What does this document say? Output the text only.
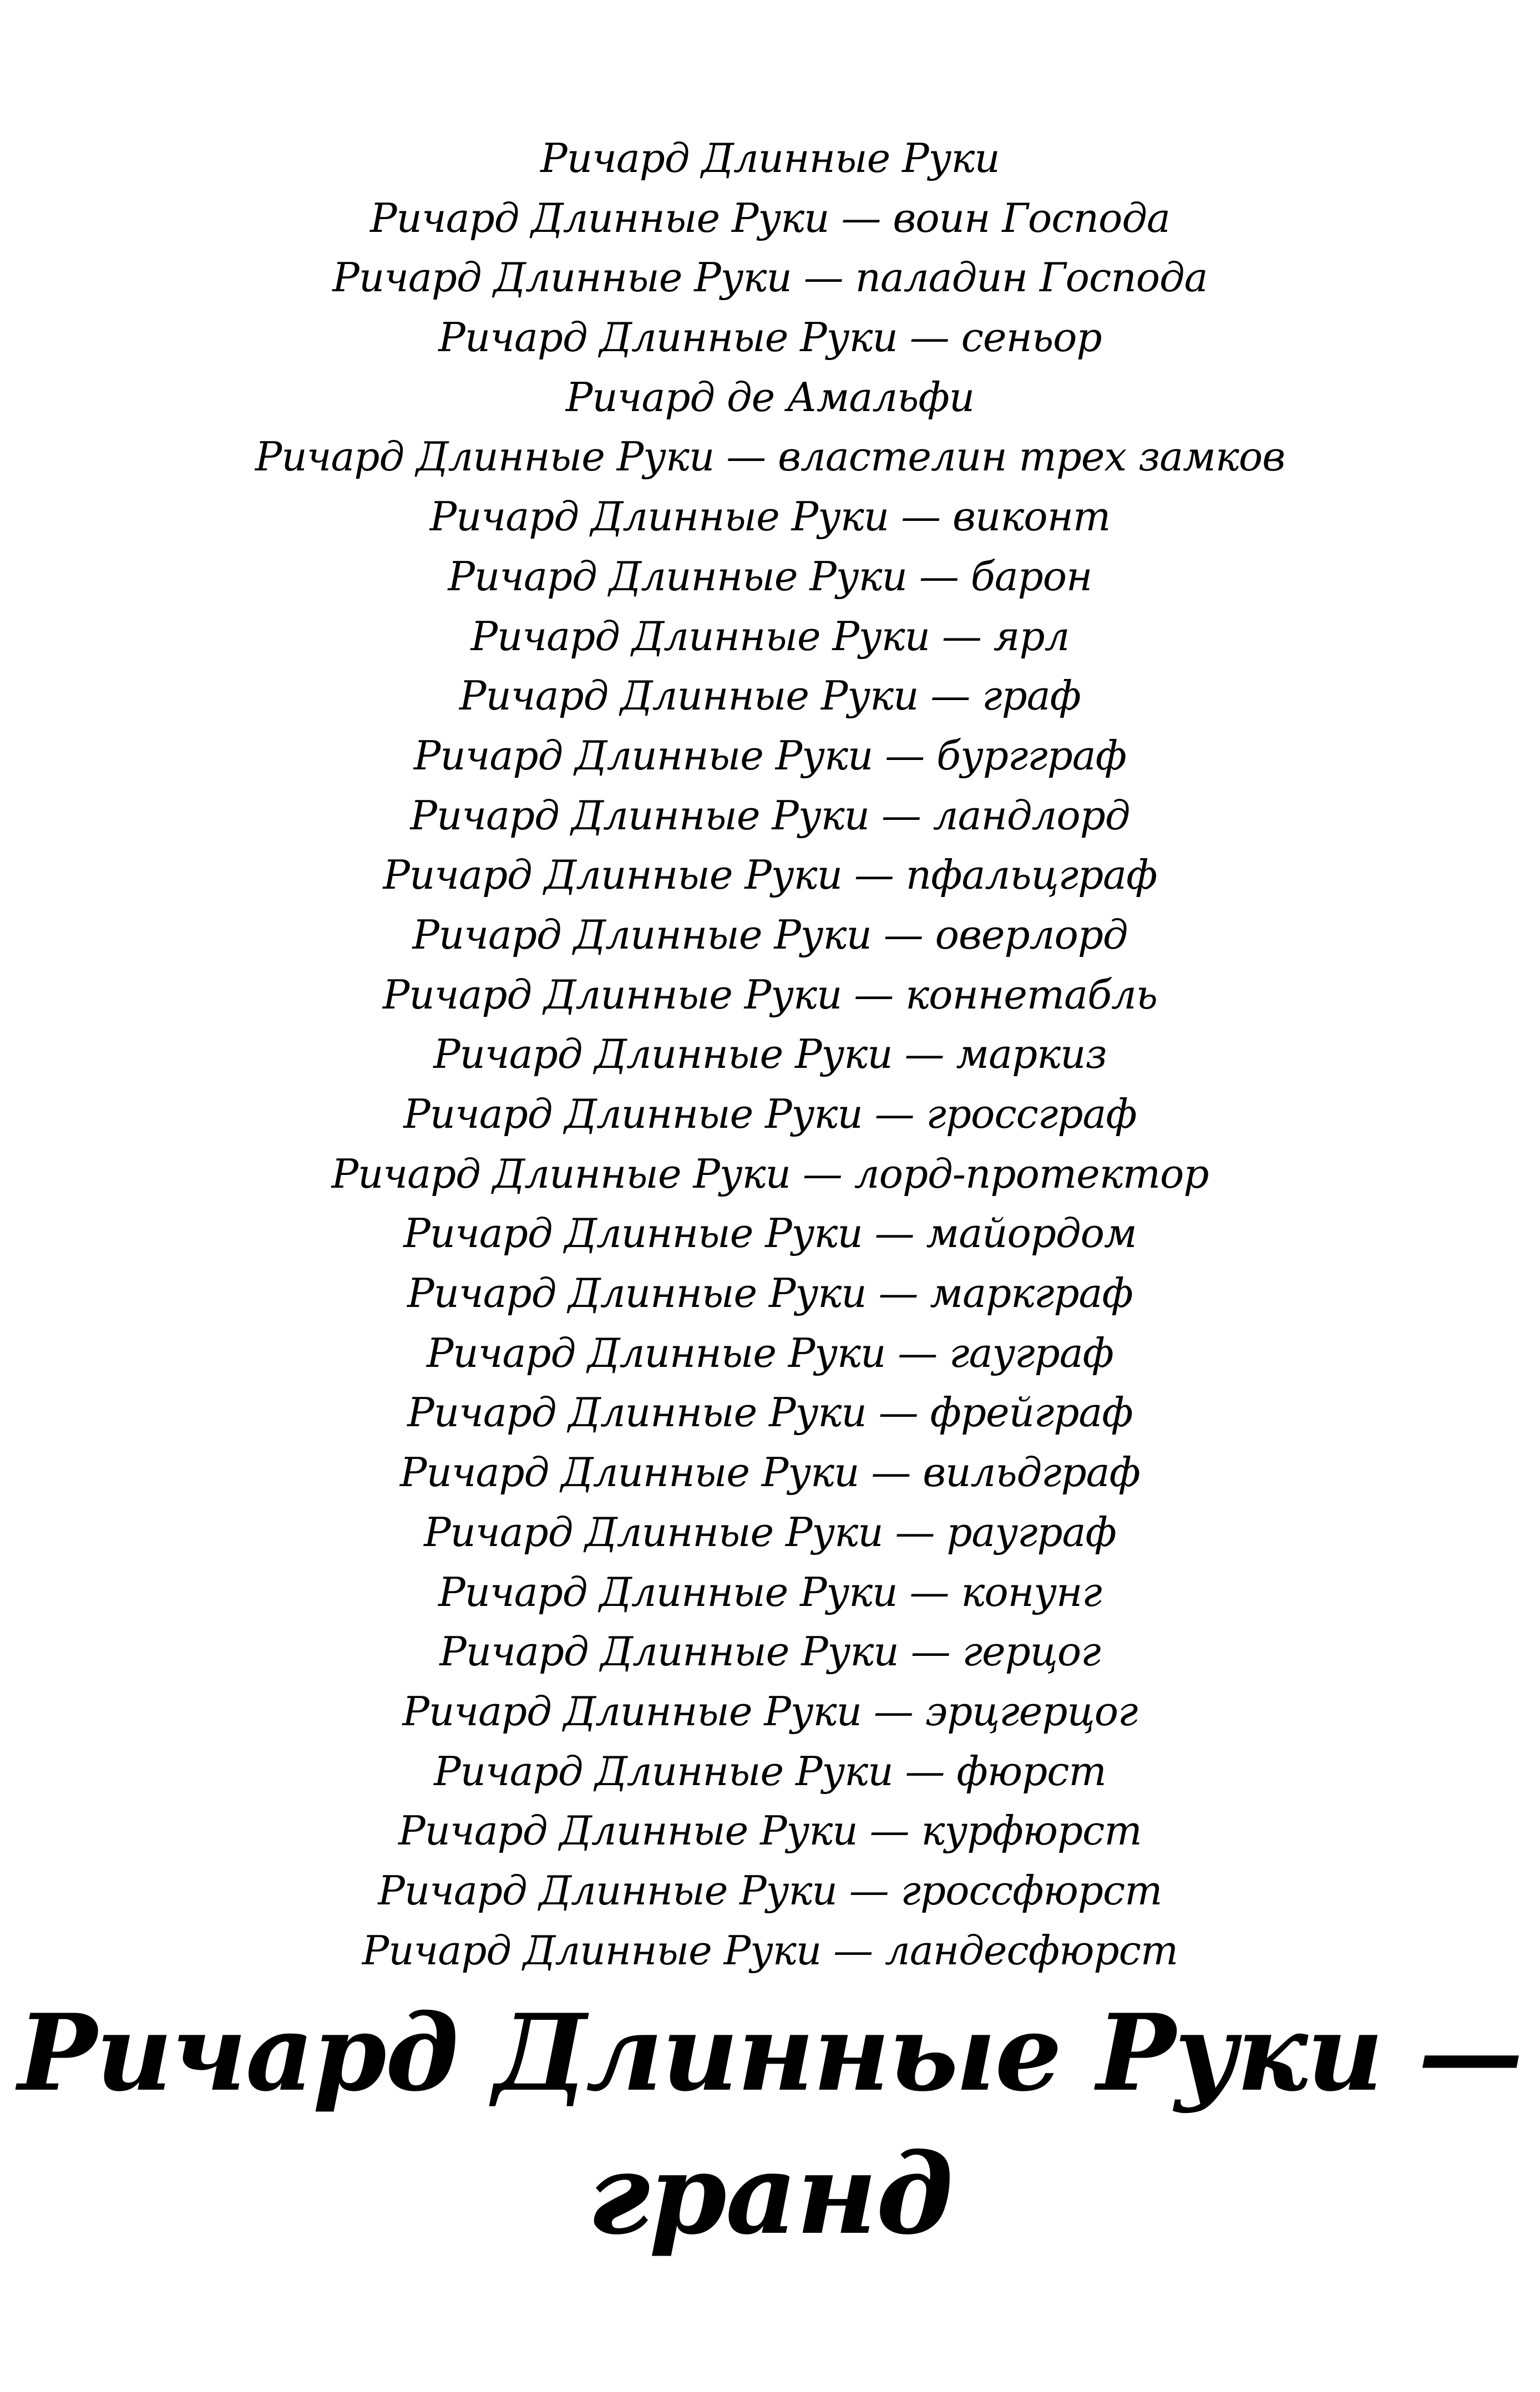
Ричард Длинные Руки
Ричард Длинные Руки — воин Господа
Ричард Длинные Руки — паладин Господа
Ричард Длинные Руки — сеньор
Ричард де Амальфи
Ричард Длинные Руки — властелин трех замков
Ричард Длинные Руки — виконт
Ричард Длинные Руки — барон
Ричард Длинные Руки — ярл
Ричард Длинные Руки — граф
Ричард Длинные Руки — бургграф
Ричард Длинные Руки — ландлорд
Ричард Длинные Руки — пфальцграф
Ричард Длинные Руки — оверлорд
Ричард Длинные Руки — коннетабль
Ричард Длинные Руки — маркиз
Ричард Длинные Руки — гроссграф
Ричард Длинные Руки — лорд-протектор
Ричард Длинные Руки — майордом
Ричард Длинные Руки — маркграф
Ричард Длинные Руки — гауграф
Ричард Длинные Руки — фрейграф
Ричард Длинные Руки — вильдграф
Ричард Длинные Руки — рауграф
Ричард Длинные Руки — конунг
Ричард Длинные Руки — герцог
Ричард Длинные Руки — эрцгерцог
Ричард Длинные Руки — фюрст
Ричард Длинные Руки — курфюрст
Ричард Длинные Руки — гроссфюрст
Ричард Длинные Руки — ландесфюрст
Ричард Длинные Руки —
гранд
